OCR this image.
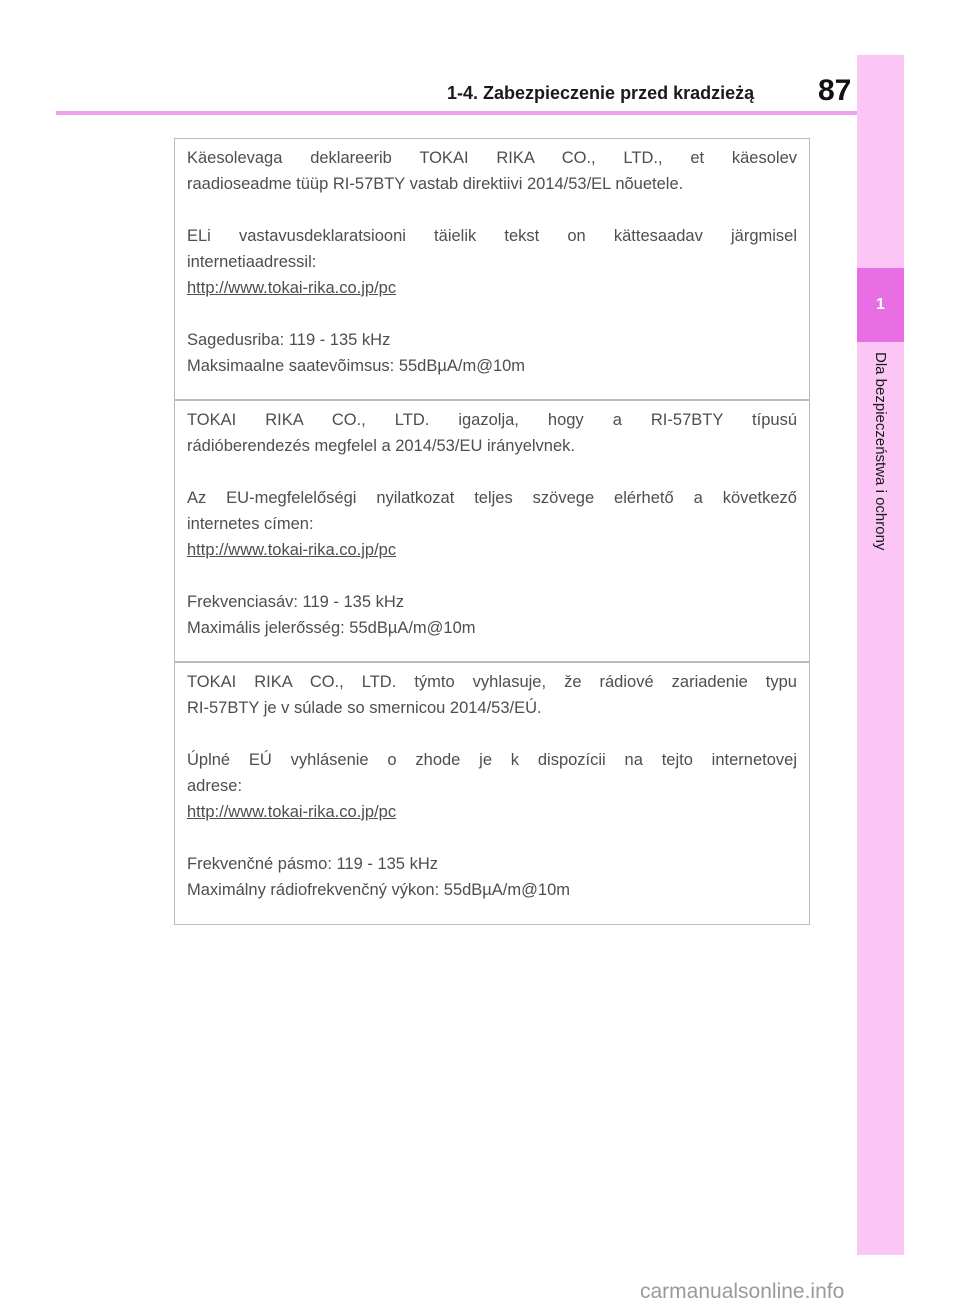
1-4. Zabezpieczenie przed kradzieżą 87
1
Dla bezpieczeństwa i ochrony

Käesolevaga deklareerib TOKAI RIKA CO., LTD., et käesolev

raadioseadme tüüp RI-57BTY vastab direktiivi 2014/53/EL nõuetele.

ELi vastavusdeklaratsiooni täielik tekst on kättesaadav järgmisel

internetiaadressil:

http://www.tokai-rika.co.jp/pc

Sagedusriba: 119 - 135 kHz

Maksimaalne saatevõimsus: 55dBµA/m@10m

TOKAI RIKA CO., LTD. igazolja, hogy a RI-57BTY típusú

rádióberendezés megfelel a 2014/53/EU irányelvnek.

Az EU-megfelelőségi nyilatkozat teljes szövege elérhető a következő

internetes címen:

http://www.tokai-rika.co.jp/pc

Frekvenciasáv: 119 - 135 kHz

Maximális jelerősség: 55dBµA/m@10m

TOKAI RIKA CO., LTD. týmto vyhlasuje, že rádiové zariadenie typu

RI-57BTY je v súlade so smernicou 2014/53/EÚ.

Úplné EÚ vyhlásenie o zhode je k dispozícii na tejto internetovej

adrese:

http://www.tokai-rika.co.jp/pc

Frekvenčné pásmo: 119 - 135 kHz

Maximálny rádiofrekvenčný výkon: 55dBµA/m@10m

carmanualsonline.info
